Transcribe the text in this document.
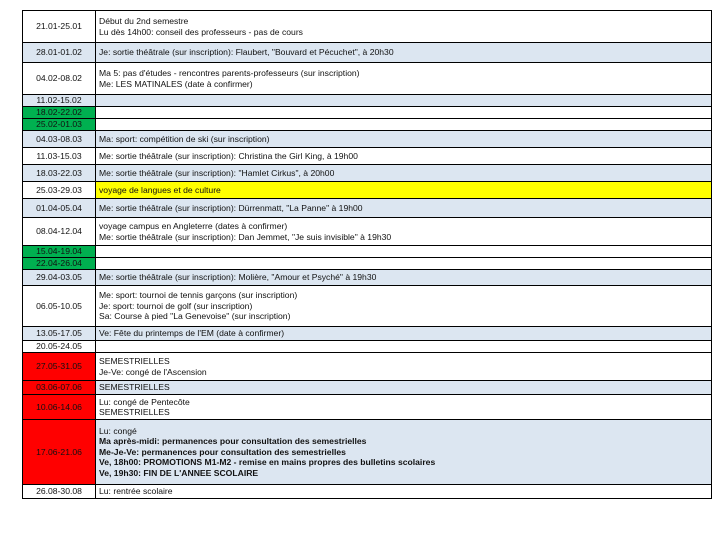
21.01-25.01	Début du 2nd semestre
Lu dès 14h00: conseil des professeurs - pas de cours

28.01-01.02	Je: sortie théâtrale (sur inscription): Flaubert, "Bouvard et Pécuchet", à 20h30

04.02-08.02	Ma 5: pas d'études - rencontres parents-professeurs (sur inscription)
Me: LES MATINALES (date à confirmer)

11.02-15.02	

18.02-22.02	

25.02-01.03	

04.03-08.03	Ma: sport: compétition de ski (sur inscription)

11.03-15.03	Me: sortie théâtrale (sur inscription): Christina the Girl King, à 19h00

18.03-22.03	Me: sortie théâtrale (sur inscription): "Hamlet Cirkus", à 20h00

25.03-29.03	voyage de langues et de culture

01.04-05.04	Me: sortie théâtrale (sur inscription): Dürrenmatt, "La Panne" à 19h00

08.04-12.04	voyage campus en Angleterre (dates à confirmer)
Me: sortie théâtrale (sur inscription): Dan Jemmet, "Je suis invisible" à 19h30

15.04-19.04	

22.04-26.04	

29.04-03.05	Me: sortie théâtrale (sur inscription): Molière, "Amour et Psyché" à 19h30

06.05-10.05	Me: sport: tournoi de tennis garçons (sur inscription)
Je: sport: tournoi de golf (sur inscription)
Sa: Course à pied "La Genevoise" (sur inscription)

13.05-17.05	Ve: Fête du printemps de l'EM (date à confirmer)

20.05-24.05	

27.05-31.05	SEMESTRIELLES
Je-Ve: congé de l'Ascension

03.06-07.06	SEMESTRIELLES

10.06-14.06	Lu: congé de Pentecôte
SEMESTRIELLES

17.06-21.06	Lu: congé
Ma après-midi: permanences pour consultation des semestrielles
Me-Je-Ve: permanences pour consultation des semestrielles
Ve, 18h00: PROMOTIONS M1-M2 - remise en mains propres des bulletins scolaires
Ve, 19h30: FIN DE L'ANNEE SCOLAIRE

26.08-30.08	Lu: rentrée scolaire
